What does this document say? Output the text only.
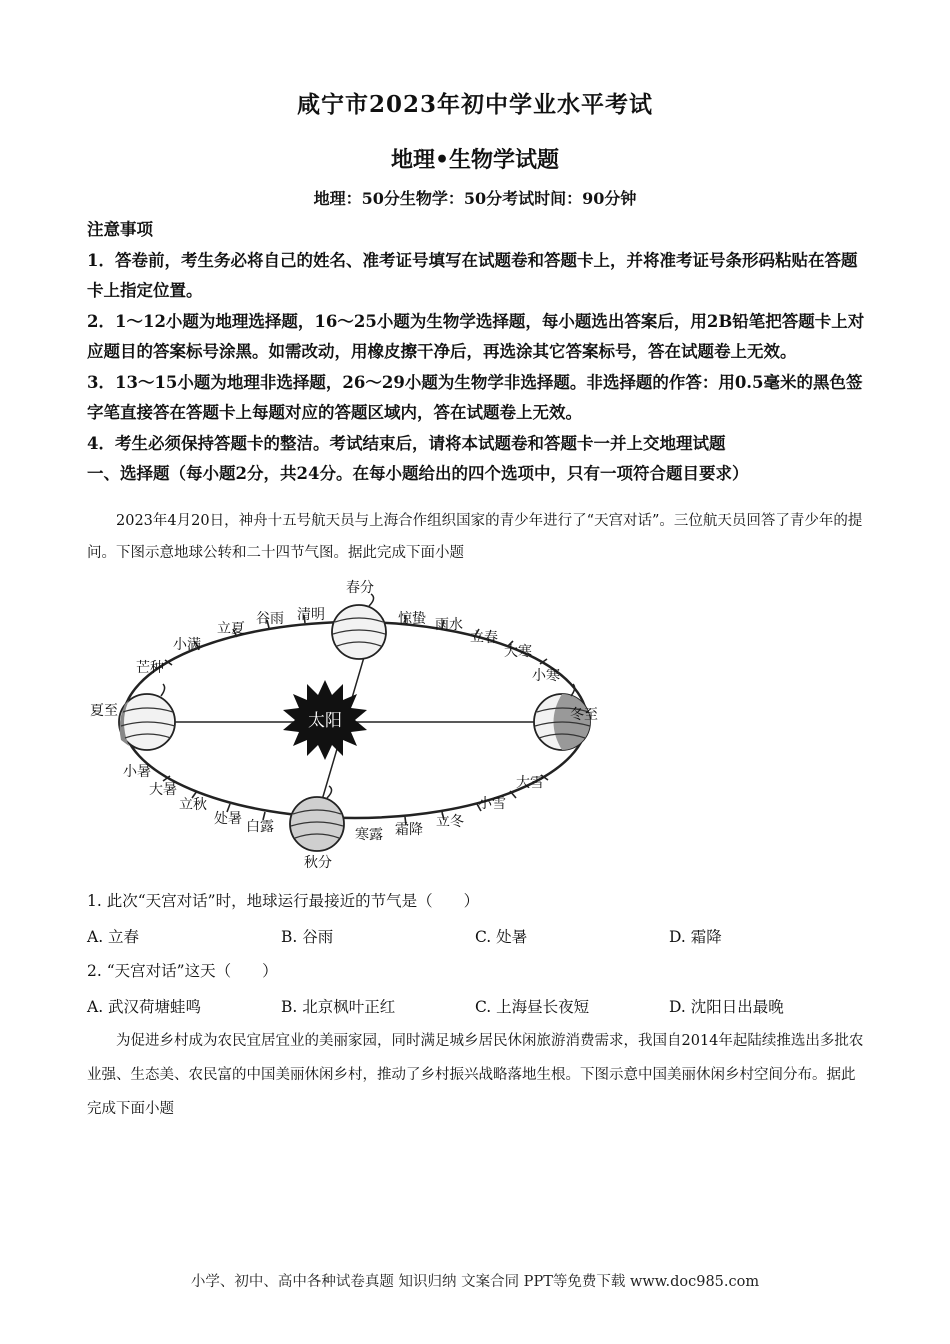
咸宁市2023年初中学业水平考试
地理•生物学试题
地理：50分生物学：50分考试时间：90分钟

注意事项

1．答卷前，考生务必将自己的姓名、准考证号填写在试题卷和答题卡上，并将准考证号条形码粘贴在答题卡上指定位置。

2．1～12小题为地理选择题，16～25小题为生物学选择题，每小题选出答案后，用2B铅笔把答题卡上对应题目的答案标号涂黑。如需改动，用橡皮擦干净后，再选涂其它答案标号，答在试题卷上无效。

3．13～15小题为地理非选择题，26～29小题为生物学非选择题。非选择题的作答：用0.5毫米的黑色签字笔直接答在答题卡上每题对应的答题区域内，答在试题卷上无效。

4．考生必须保持答题卡的整洁。考试结束后，请将本试题卷和答题卡一并上交地理试题

一、选择题（每小题2分，共24分。在每小题给出的四个选项中，只有一项符合题目要求）

2023年4月20日，神舟十五号航天员与上海合作组织国家的青少年进行了“天宫对话”。三位航天员回答了青少年的提问。下图示意地球公转和二十四节气图。据此完成下面小题

太阳
春分
惊蛰 雨水
立春
大寒
小寒
冬至
大雪
小雪
立冬
霜降
寒露
秋分
白露
处暑
立秋
大暑
小暑
夏至
芒种
小满
立夏
谷雨 清明
1. 此次“天宫对话”时，地球运行最接近的节气是（　　）
A. 立春	B. 谷雨	C. 处暑	D. 霜降
2. “天宫对话”这天（　　）
A. 武汉荷塘蛙鸣	B. 北京枫叶正红	C. 上海昼长夜短	D. 沈阳日出最晚

为促进乡村成为农民宜居宜业的美丽家园，同时满足城乡居民休闲旅游消费需求，我国自2014年起陆续推选出多批农业强、生态美、农民富的中国美丽休闲乡村，推动了乡村振兴战略落地生根。下图示意中国美丽休闲乡村空间分布。据此完成下面小题

小学、初中、高中各种试卷真题 知识归纳 文案合同 PPT等免费下载 www.doc985.com
